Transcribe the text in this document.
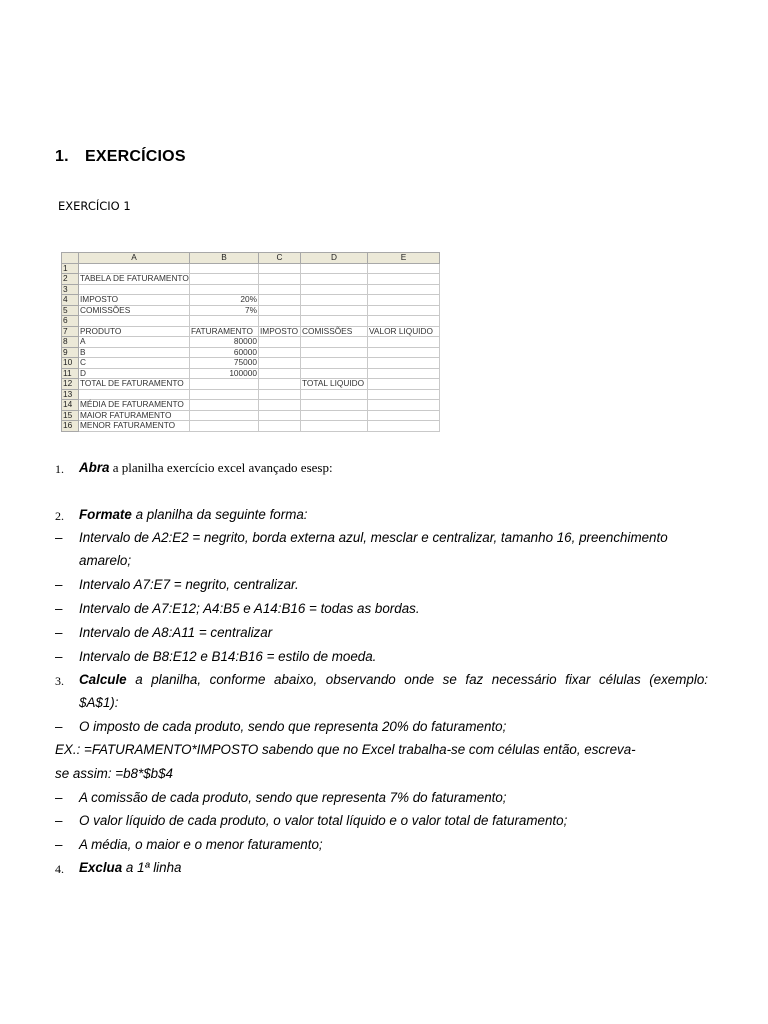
1. EXERCÍCIOS
EXERCÍCIO 1
	A	B	C	D	E
1	

2	TABELA DE FATURAMENTO				

3	

4	IMPOSTO	20%		

5	COMISSÕES	7%		

6	

7	PRODUTO	FATURAMENTO	IMPOSTO	COMISSÕES	VALOR LIQUIDO
8	A	80000		

9	B	60000		

10	C	75000		

11	D	100000		

12	TOTAL DE FATURAMENTO			TOTAL LIQUIDO	

13	

14	MÉDIA DE FATURAMENTO				

15	MAIOR FATURAMENTO				

16	MENOR FATURAMENTO				

1. Abra a planilha exercício excel avançado esesp:
2. Formate a planilha da seguinte forma:
– Intervalo de A2:E2 = negrito, borda externa azul, mesclar e centralizar, tamanho 16, preenchimento
amarelo;
– Intervalo A7:E7 = negrito, centralizar.
– Intervalo de A7:E12; A4:B5 e A14:B16 = todas as bordas.
– Intervalo de A8:A11 = centralizar
– Intervalo de B8:E12 e B14:B16 = estilo de moeda.
3. Calcule a planilha, conforme abaixo, observando onde se faz necessário fixar células (exemplo:
$A$1):
– O imposto de cada produto, sendo que representa 20% do faturamento;
EX.: =FATURAMENTO*IMPOSTO sabendo que no Excel trabalha-se com células então, escreva-
se assim: =b8*$b$4
– A comissão de cada produto, sendo que representa 7% do faturamento;
– O valor líquido de cada produto, o valor total líquido e o valor total de faturamento;
– A média, o maior e o menor faturamento;
4. Exclua a 1ª linha
